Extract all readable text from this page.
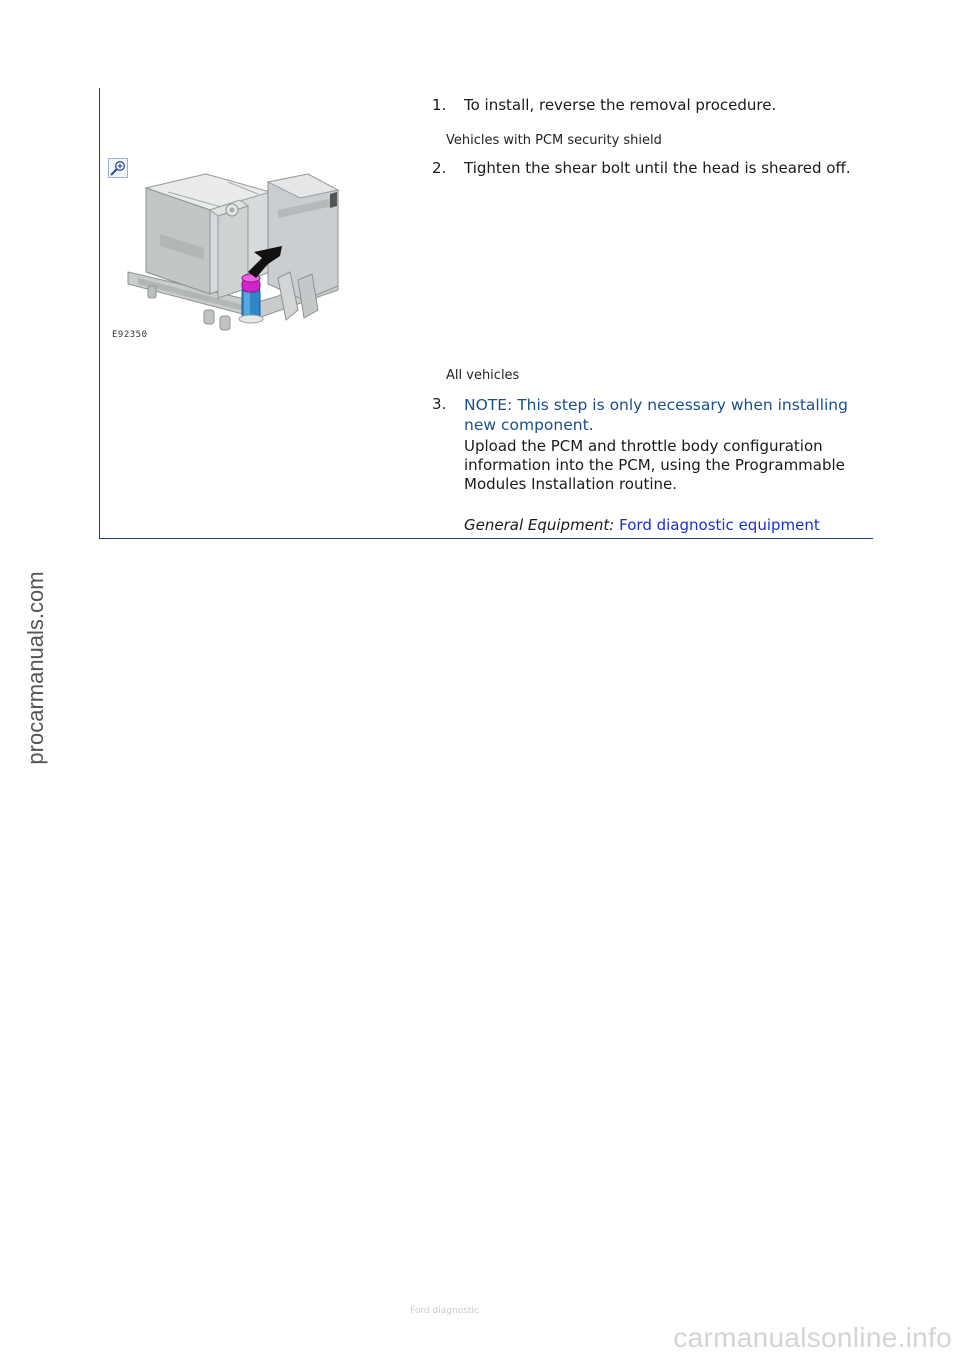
1. To install, reverse the removal procedure.
Vehicles with PCM security shield
E92350
2. Tighten the shear bolt until the head is sheared off.
All vehicles
3. NOTE: This step is only necessary when installing new component.
Upload the PCM and throttle body configuration information into the PCM, using the Programmable Modules Installation routine.
General Equipment: Ford diagnostic equipment
procarmanuals.com
Ford diagnostic
carmanualsonline.info
